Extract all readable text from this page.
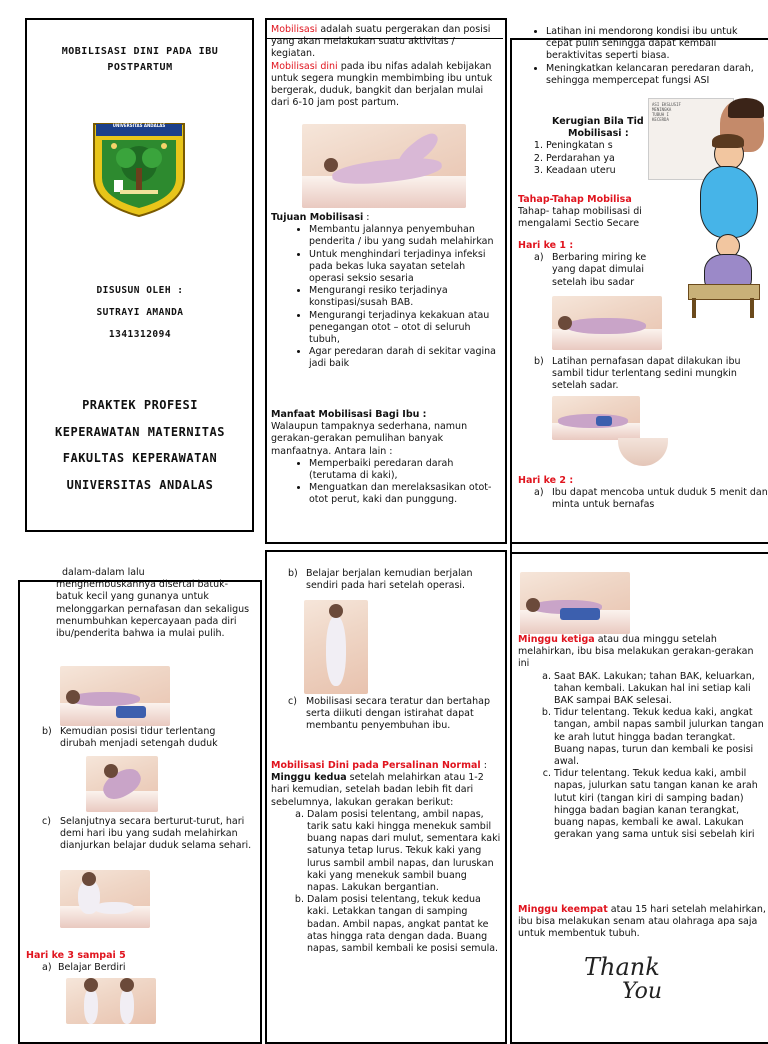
MOBILISASI DINI PADA IBU
POSTPARTUM
UNIVERSITAS ANDALAS
DISUSUN OLEH :
SUTRAYI AMANDA
1341312094
PRAKTEK PROFESI
KEPERAWATAN MATERNITAS
FAKULTAS KEPERAWATAN
UNIVERSITAS ANDALAS
Mobilisasi adalah suatu pergerakan dan posisi yang akan melakukan suatu aktivitas / kegiatan.
Mobilisasi dini pada ibu nifas adalah kebijakan untuk segera mungkin membimbing ibu untuk bergerak, duduk, bangkit dan berjalan mulai dari 6-10 jam post partum.
Tujuan Mobilisasi :
• Membantu jalannya penyembuhan penderita / ibu yang sudah melahirkan
• Untuk menghindari terjadinya infeksi pada bekas luka sayatan setelah operasi seksio sesaria
• Mengurangi resiko terjadinya konstipasi/susah BAB.
• Mengurangi terjadinya kekakuan atau penegangan otot – otot di seluruh tubuh,
• Agar peredaran darah di sekitar vagina jadi baik
Manfaat Mobilisasi Bagi Ibu :
Walaupun tampaknya sederhana, namun gerakan-gerakan pemulihan banyak manfaatnya. Antara lain :
• Memperbaiki peredaran darah (terutama di kaki),
• Menguatkan dan merelaksasikan otot-otot perut, kaki dan punggung.
• Latihan ini mendorong kondisi ibu untuk cepat pulih sehingga dapat kembali beraktivitas seperti biasa.
• Meningkatkan kelancaran peredaran darah, sehingga mempercepat fungsi ASI
Kerugian Bila Tid
Mobilisasi :
1. Peningkatan s
2. Perdarahan ya
3. Keadaan uteru
Tahap-Tahap Mobilisa
Tahap- tahap mobilisasi di
mengalami Sectio Secare
Hari ke 1 :
a) Berbaring miring ke
yang dapat dimulai
setelah ibu sadar
b) Latihan pernafasan dapat dilakukan ibu sambil tidur terlentang sedini mungkin setelah sadar.
Hari ke 2 :
a) Ibu dapat mencoba untuk duduk 5 menit dan minta untuk bernafas
ASI EKSLUSIF
MENINGKA
TUBUH I
KECERDA
dalam-dalam lalu
menghembuskannya disertai batuk-batuk kecil yang gunanya untuk melonggarkan pernafasan dan sekaligus menumbuhkan kepercayaan pada diri ibu/penderita bahwa ia mulai pulih.
b) Kemudian posisi tidur terlentang dirubah menjadi setengah duduk
c) Selanjutnya secara berturut-turut, hari demi hari ibu yang sudah melahirkan dianjurkan belajar duduk selama sehari.
Hari ke 3 sampai 5
a) Belajar Berdiri
b) Belajar berjalan kemudian berjalan sendiri pada hari setelah operasi.
c) Mobilisasi secara teratur dan bertahap serta diikuti dengan istirahat dapat membantu penyembuhan ibu.
Mobilisasi Dini pada Persalinan Normal :
Minggu kedua setelah melahirkan atau 1-2 hari kemudian, setelah badan lebih fit dari sebelumnya, lakukan gerakan berikut:
a. Dalam posisi telentang, ambil napas, tarik satu kaki hingga menekuk sambil buang napas dari mulut, sementara kaki satunya tetap lurus. Tekuk kaki yang lurus sambil ambil napas, dan luruskan kaki yang menekuk sambil buang napas. Lakukan bergantian.
b. Dalam posisi telentang, tekuk kedua kaki. Letakkan tangan di samping badan. Ambil napas, angkat pantat ke atas hingga rata dengan dada. Buang napas, sambil kembali ke posisi semula.
Minggu ketiga atau dua minggu setelah melahirkan, ibu bisa melakukan gerakan-gerakan ini
a. Saat BAK. Lakukan; tahan BAK, keluarkan, tahan kembali. Lakukan hal ini setiap kali BAK sampai BAK selesai.
b. Tidur telentang. Tekuk kedua kaki, angkat tangan, ambil napas sambil julurkan tangan ke arah lutut hingga badan terangkat. Buang napas, turun dan kembali ke posisi awal.
c. Tidur telentang. Tekuk kedua kaki, ambil napas, julurkan satu tangan kanan ke arah lutut kiri (tangan kiri di samping badan) hingga badan bagian kanan terangkat, buang napas, kembali ke awal. Lakukan gerakan yang sama untuk sisi sebelah kiri
Minggu keempat atau 15 hari setelah melahirkan, ibu bisa melakukan senam atau olahraga apa saja untuk membentuk tubuh.
Thank
You
